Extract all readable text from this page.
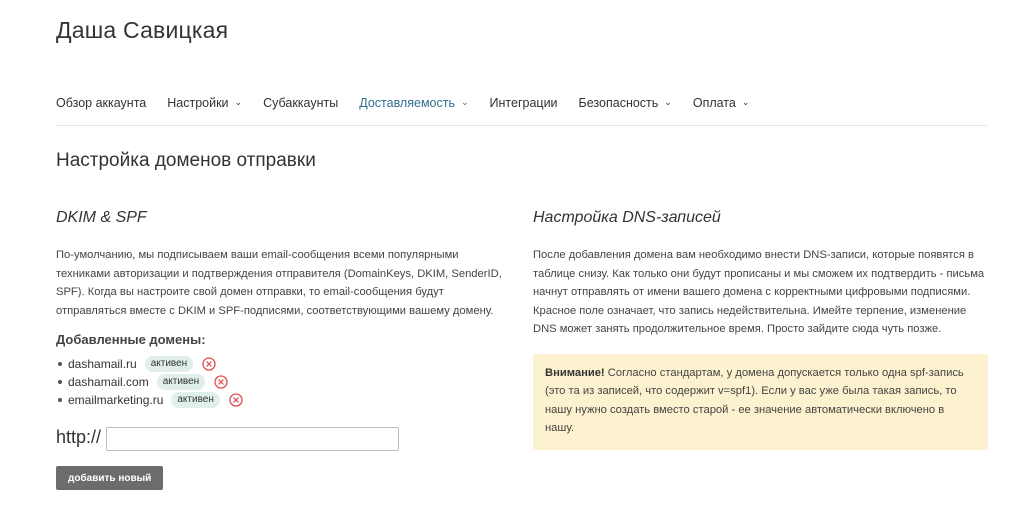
Даша Савицкая
Обзор аккаунта Настройки ⌄ Субаккаунты Доставляемость ⌄ Интеграции Безопасность ⌄ Оплата ⌄
Настройка доменов отправки
DKIM & SPF

По-умолчанию, мы подписываем ваши email-сообщения всеми популярными техниками авторизации и подтверждения отправителя (DomainKeys, DKIM, SenderID, SPF). Когда вы настроите свой домен отправки, то email-сообщения будут отправляться вместе с DKIM и SPF-подписями, соответствующими вашему домену.

Добавленные домены:
dashamail.ru	активен
dashamail.com	активен
emailmarketing.ru	активен
http://
добавить новый
Настройка DNS-записей

После добавления домена вам необходимо внести DNS-записи, которые появятся в таблице снизу. Как только они будут прописаны и мы сможем их подтвердить - письма начнут отправлять от имени вашего домена с корректными цифровыми подписями. Красное поле означает, что запись недействительна. Имейте терпение, изменение DNS может занять продолжительное время. Просто зайдите сюда чуть позже.

Внимание! Согласно стандартам, у домена допускается только одна spf-запись (это та из записей, что содержит v=spf1). Если у вас уже была такая запись, то нашу нужно создать вместо старой - ее значение автоматически включено в нашу.
